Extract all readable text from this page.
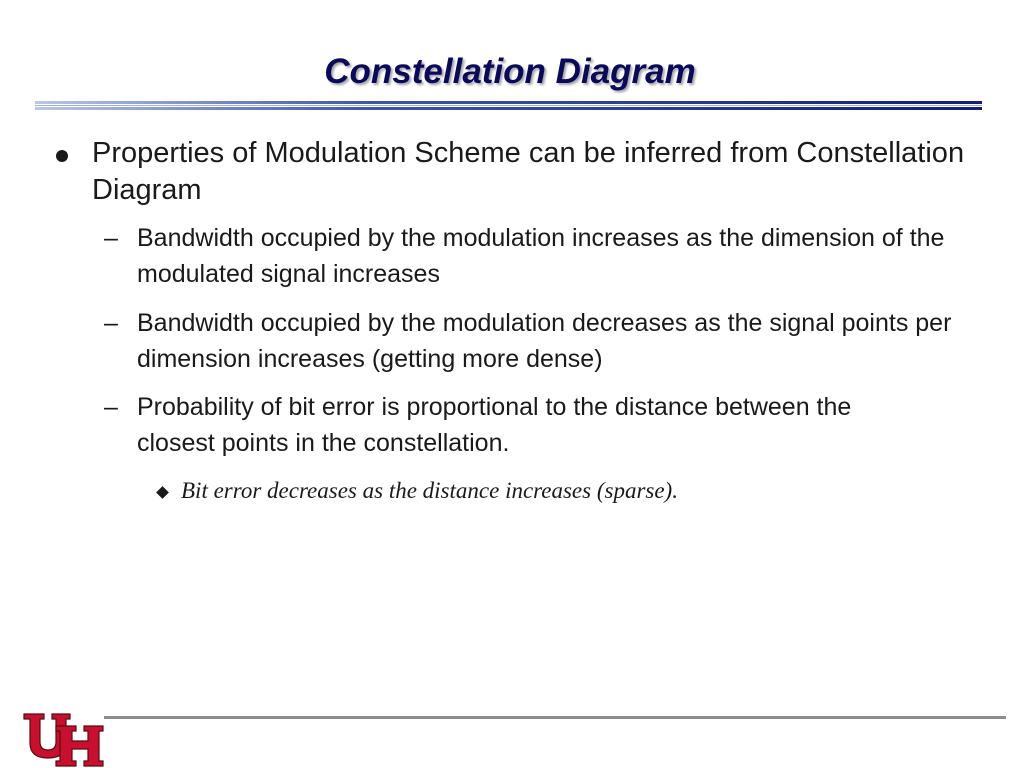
Constellation Diagram
Properties of Modulation Scheme can be inferred from Constellation Diagram
– Bandwidth occupied by the modulation increases as the dimension of the modulated signal increases
– Bandwidth occupied by the modulation decreases as the signal points per dimension increases (getting more dense)
– Probability of bit error is proportional to the distance between the closest points in the constellation.
Bit error decreases as the distance increases (sparse).
